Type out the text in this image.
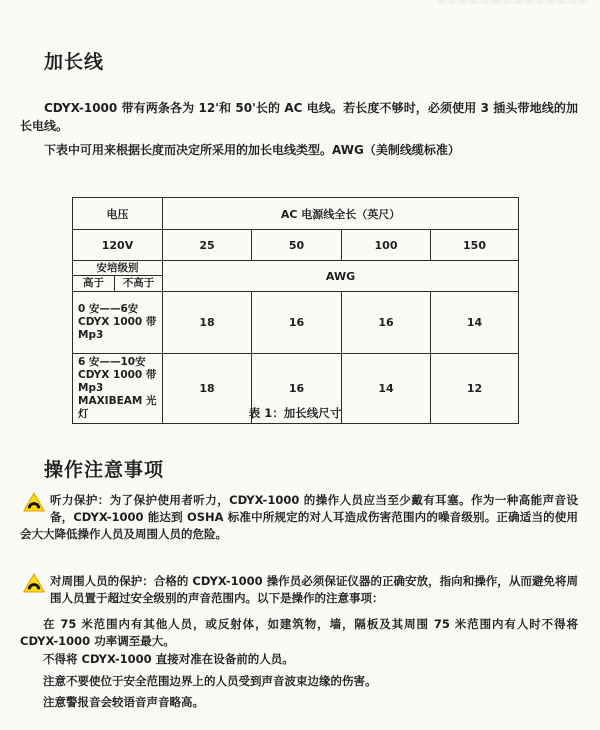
加长线

CDYX-1000 带有两条各为 12'和 50'长的 AC 电线。若长度不够时，必须使用 3 插头带地线的加长电线。

下表中可用来根据长度而决定所采用的加长电线类型。AWG（美制线缆标准）

电压	AC 电源线全长（英尺）			
120V	25	50	100	150

安培级别
高于 不高于	AWG			

0 安——6安
CDYX 1000 带
Mp3	18	16	16	14

6 安——10安
CDYX 1000 带
Mp3
MAXIBEAM 光灯	18	16	14	12
表 1：加长线尺寸
操作注意事项

听力保护：为了保护使用者听力，CDYX-1000 的操作人员应当至少戴有耳塞。作为一种高能声音设备，CDYX-1000 能达到 OSHA 标准中所规定的对人耳造成伤害范围内的噪音级别。正确适当的使用会大大降低操作人员及周围人员的危险。

对周围人员的保护：合格的 CDYX-1000 操作员必须保证仪器的正确安放，指向和操作，从而避免将周围人员置于超过安全级别的声音范围内。以下是操作的注意事项：

在 75 米范围内有其他人员，或反射体，如建筑物，墙，隔板及其周围 75 米范围内有人时不得将 CDYX-1000 功率调至最大。

不得将 CDYX-1000 直接对准在设备前的人员。

注意不要使位于安全范围边界上的人员受到声音波束边缘的伤害。

注意警报音会较语音声音略高。
